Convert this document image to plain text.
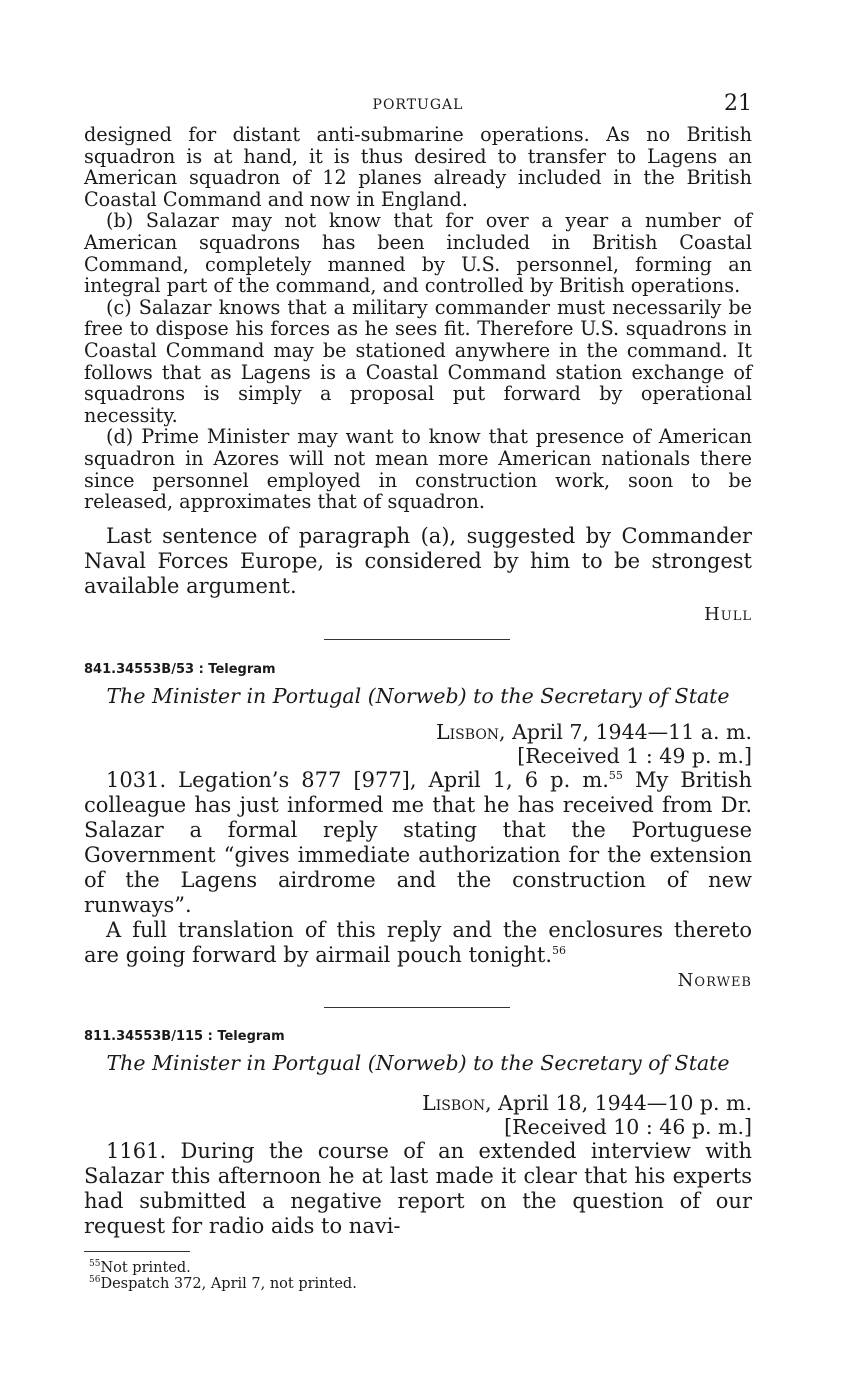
PORTUGAL	21

designed for distant anti-submarine operations. As no British squadron is at hand, it is thus desired to transfer to Lagens an American squadron of 12 planes already included in the British Coastal Command and now in England.

(b) Salazar may not know that for over a year a number of American squadrons has been included in British Coastal Command, completely manned by U.S. personnel, forming an integral part of the command, and controlled by British operations.

(c) Salazar knows that a military commander must necessarily be free to dispose his forces as he sees fit. Therefore U.S. squadrons in Coastal Command may be stationed anywhere in the command. It follows that as Lagens is a Coastal Command station exchange of squadrons is simply a proposal put forward by operational necessity.

(d) Prime Minister may want to know that presence of American squadron in Azores will not mean more American nationals there since personnel employed in construction work, soon to be released, approximates that of squadron.

Last sentence of paragraph (a), suggested by Commander Naval Forces Europe, is considered by him to be strongest available argument.

Hull
841.34553B/53 : Telegram
The Minister in Portugal (Norweb) to the Secretary of State
Lisbon, April 7, 1944—11 a. m.
[Received 1 : 49 p. m.]

1031. Legation’s 877 [977], April 1, 6 p. m.$^{55}$ My British colleague has just informed me that he has received from Dr. Salazar a formal reply stating that the Portuguese Government “gives immediate authorization for the extension of the Lagens airdrome and the construction of new runways”.

A full translation of this reply and the enclosures thereto are going forward by airmail pouch tonight.$^{56}$

Norweb
811.34553B/115 : Telegram
The Minister in Portgual (Norweb) to the Secretary of State
Lisbon, April 18, 1944—10 p. m.
[Received 10 : 46 p. m.]

1161. During the course of an extended interview with Salazar this afternoon he at last made it clear that his experts had submitted a negative report on the question of our request for radio aids to navi-

$^{55}$Not printed.
$^{56}$Despatch 372, April 7, not printed.
